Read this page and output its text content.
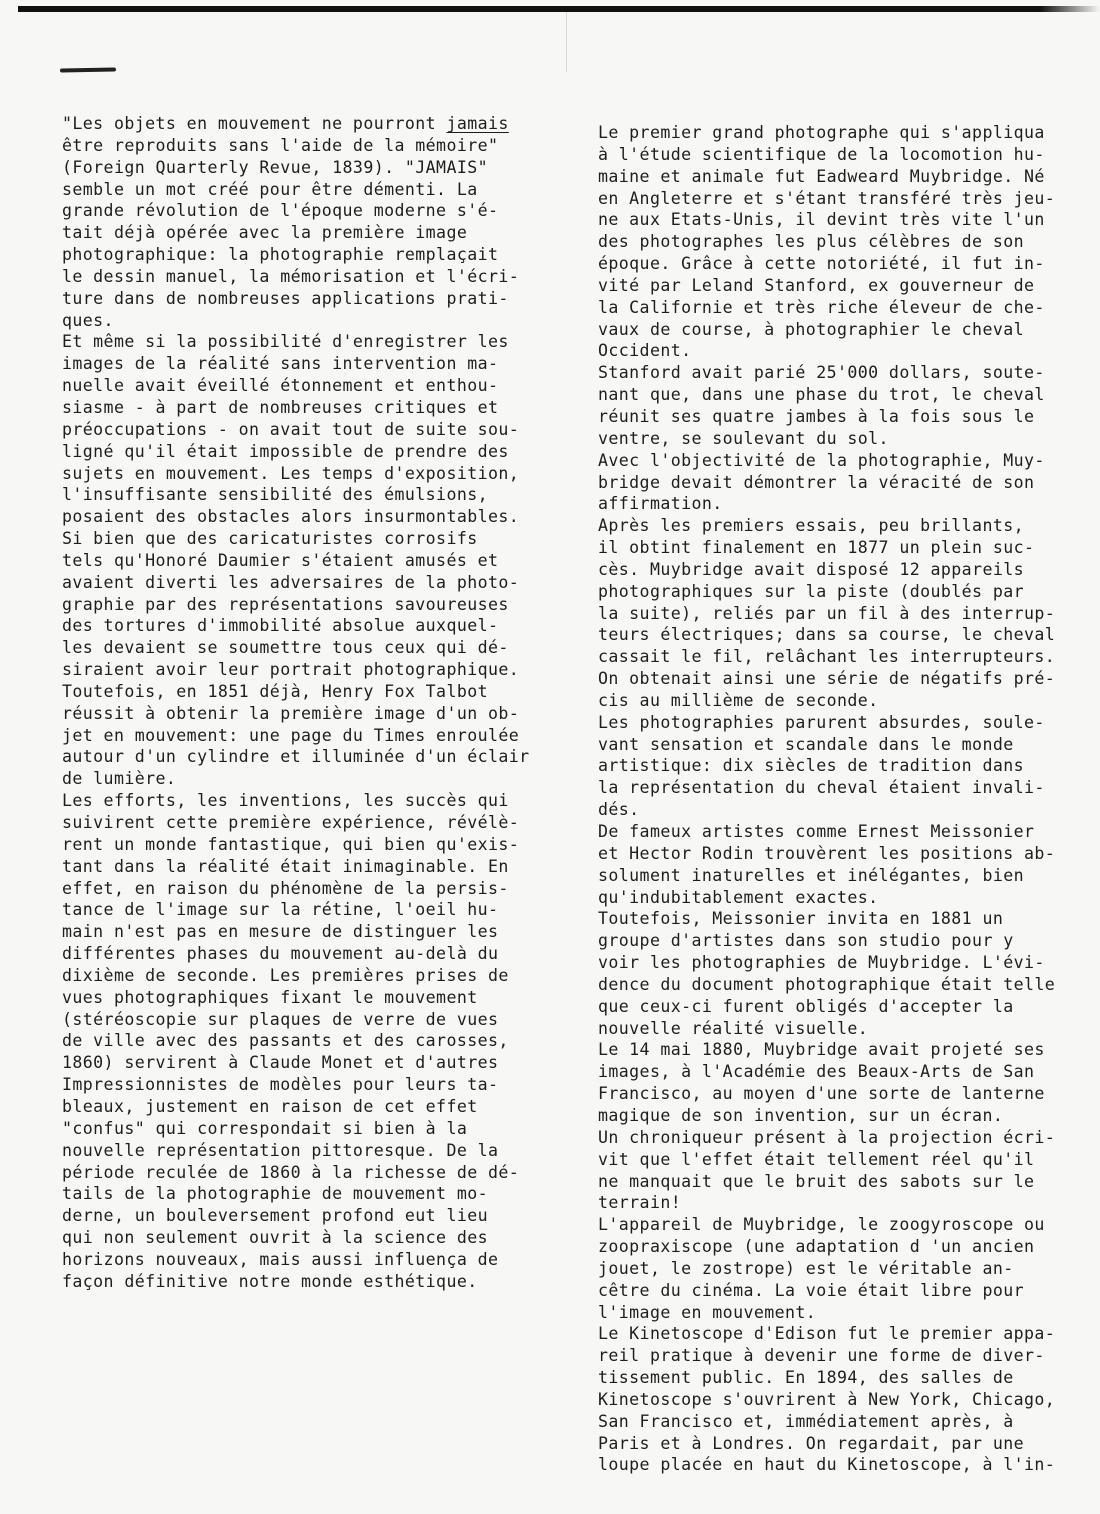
"Les objets en mouvement ne pourront jamais
être reproduits sans l'aide de la mémoire"
(Foreign Quarterly Revue, 1839). "JAMAIS"
semble un mot créé pour être démenti. La
grande révolution de l'époque moderne s'é-
tait déjà opérée avec la première image
photographique: la photographie remplaçait
le dessin manuel, la mémorisation et l'écri-
ture dans de nombreuses applications prati-
ques.
Et même si la possibilité d'enregistrer les
images de la réalité sans intervention ma-
nuelle avait éveillé étonnement et enthou-
siasme - à part de nombreuses critiques et
préoccupations - on avait tout de suite sou-
ligné qu'il était impossible de prendre des
sujets en mouvement. Les temps d'exposition,
l'insuffisante sensibilité des émulsions,
posaient des obstacles alors insurmontables.
Si bien que des caricaturistes corrosifs
tels qu'Honoré Daumier s'étaient amusés et
avaient diverti les adversaires de la photo-
graphie par des représentations savoureuses
des tortures d'immobilité absolue auxquel-
les devaient se soumettre tous ceux qui dé-
siraient avoir leur portrait photographique.
Toutefois, en 1851 déjà, Henry Fox Talbot
réussit à obtenir la première image d'un ob-
jet en mouvement: une page du Times enroulée
autour d'un cylindre et illuminée d'un éclair
de lumière.
Les efforts, les inventions, les succès qui
suivirent cette première expérience, révélè-
rent un monde fantastique, qui bien qu'exis-
tant dans la réalité était inimaginable. En
effet, en raison du phénomène de la persis-
tance de l'image sur la rétine, l'oeil hu-
main n'est pas en mesure de distinguer les
différentes phases du mouvement au-delà du
dixième de seconde. Les premières prises de
vues photographiques fixant le mouvement
(stéréoscopie sur plaques de verre de vues
de ville avec des passants et des carosses,
1860) servirent à Claude Monet et d'autres
Impressionnistes de modèles pour leurs ta-
bleaux, justement en raison de cet effet
"confus" qui correspondait si bien à la
nouvelle représentation pittoresque. De la
période reculée de 1860 à la richesse de dé-
tails de la photographie de mouvement mo-
derne, un bouleversement profond eut lieu
qui non seulement ouvrit à la science des
horizons nouveaux, mais aussi influença de
façon définitive notre monde esthétique.
Le premier grand photographe qui s'appliqua
à l'étude scientifique de la locomotion hu-
maine et animale fut Eadweard Muybridge. Né
en Angleterre et s'étant transféré très jeu-
ne aux Etats-Unis, il devint très vite l'un
des photographes les plus célèbres de son
époque. Grâce à cette notoriété, il fut in-
vité par Leland Stanford, ex gouverneur de
la Californie et très riche éleveur de che-
vaux de course, à photographier le cheval
Occident.
Stanford avait parié 25'000 dollars, soute-
nant que, dans une phase du trot, le cheval
réunit ses quatre jambes à la fois sous le
ventre, se soulevant du sol.
Avec l'objectivité de la photographie, Muy-
bridge devait démontrer la véracité de son
affirmation.
Après les premiers essais, peu brillants,
il obtint finalement en 1877 un plein suc-
cès. Muybridge avait disposé 12 appareils
photographiques sur la piste (doublés par
la suite), reliés par un fil à des interrup-
teurs électriques; dans sa course, le cheval
cassait le fil, relâchant les interrupteurs.
On obtenait ainsi une série de négatifs pré-
cis au millième de seconde.
Les photographies parurent absurdes, soule-
vant sensation et scandale dans le monde
artistique: dix siècles de tradition dans
la représentation du cheval étaient invali-
dés.
De fameux artistes comme Ernest Meissonier
et Hector Rodin trouvèrent les positions ab-
solument inaturelles et inélégantes, bien
qu'indubitablement exactes.
Toutefois, Meissonier invita en 1881 un
groupe d'artistes dans son studio pour y
voir les photographies de Muybridge. L'évi-
dence du document photographique était telle
que ceux-ci furent obligés d'accepter la
nouvelle réalité visuelle.
Le 14 mai 1880, Muybridge avait projeté ses
images, à l'Académie des Beaux-Arts de San
Francisco, au moyen d'une sorte de lanterne
magique de son invention, sur un écran.
Un chroniqueur présent à la projection écri-
vit que l'effet était tellement réel qu'il
ne manquait que le bruit des sabots sur le
terrain!
L'appareil de Muybridge, le zoogyroscope ou
zoopraxiscope (une adaptation d 'un ancien
jouet, le zostrope) est le véritable an-
cêtre du cinéma. La voie était libre pour
l'image en mouvement.
Le Kinetoscope d'Edison fut le premier appa-
reil pratique à devenir une forme de diver-
tissement public. En 1894, des salles de
Kinetoscope s'ouvrirent à New York, Chicago,
San Francisco et, immédiatement après, à
Paris et à Londres. On regardait, par une
loupe placée en haut du Kinetoscope, à l'in-
